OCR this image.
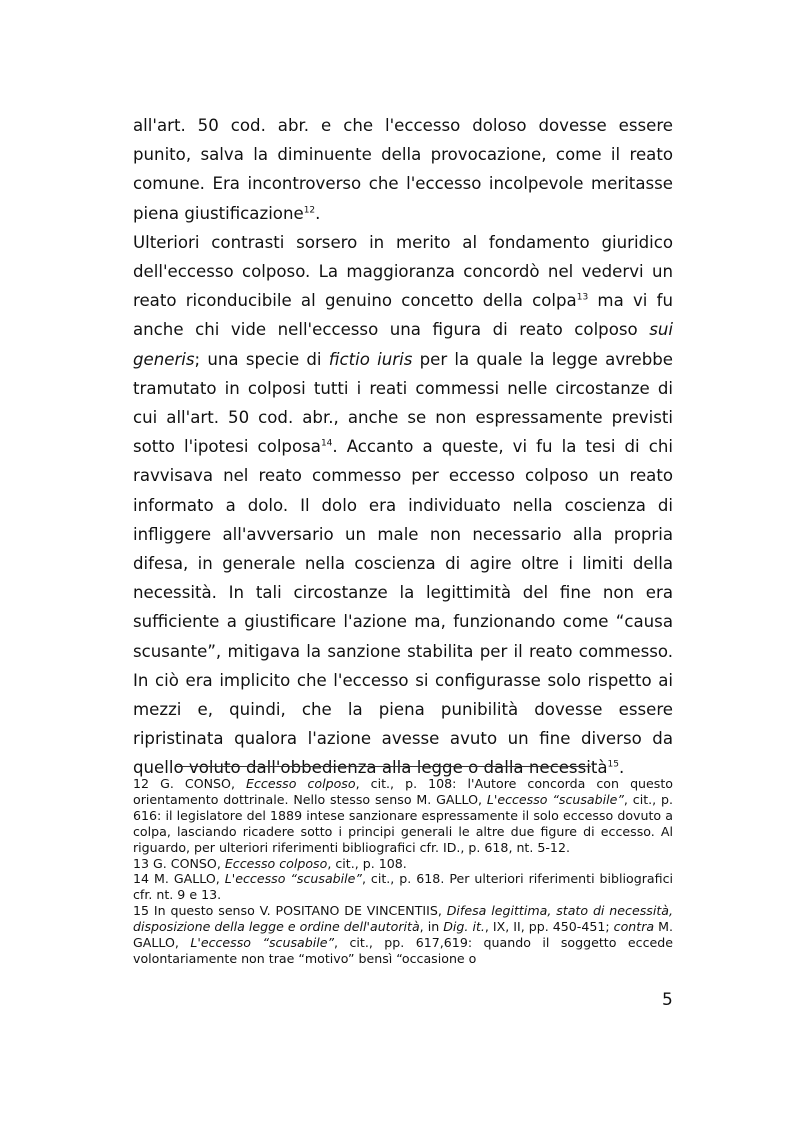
all'art. 50 cod. abr. e che l'eccesso doloso dovesse essere punito, salva la diminuente della provocazione, come il reato comune. Era incontroverso che l'eccesso incolpevole meritasse piena giustificazione$^{12}$.

Ulteriori contrasti sorsero in merito al fondamento giuridico dell'eccesso colposo. La maggioranza concordò nel vedervi un reato riconducibile al genuino concetto della colpa$^{13}$ ma vi fu anche chi vide nell'eccesso una figura di reato colposo sui generis; una specie di fictio iuris per la quale la legge avrebbe tramutato in colposi tutti i reati commessi nelle circostanze di cui all'art. 50 cod. abr., anche se non espressamente previsti sotto l'ipotesi colposa$^{14}$. Accanto a queste, vi fu la tesi di chi ravvisava nel reato commesso per eccesso colposo un reato informato a dolo. Il dolo era individuato nella coscienza di infliggere all'avversario un male non necessario alla propria difesa, in generale nella coscienza di agire oltre i limiti della necessità. In tali circostanze la legittimità del fine non era sufficiente a giustificare l'azione ma, funzionando come “causa scusante”, mitigava la sanzione stabilita per il reato commesso. In ciò era implicito che l'eccesso si configurasse solo rispetto ai mezzi e, quindi, che la piena punibilità dovesse essere ripristinata qualora l'azione avesse avuto un fine diverso da quello voluto dall'obbedienza alla legge o dalla necessità$^{15}$.

12 G. CONSO, Eccesso colposo, cit., p. 108: l'Autore concorda con questo orientamento dottrinale. Nello stesso senso M. GALLO, L'eccesso “scusabile”, cit., p. 616: il legislatore del 1889 intese sanzionare espressamente il solo eccesso dovuto a colpa, lasciando ricadere sotto i principi generali le altre due figure di eccesso. Al riguardo, per ulteriori riferimenti bibliografici cfr. ID., p. 618, nt. 5-12.

13 G. CONSO, Eccesso colposo, cit., p. 108.

14 M. GALLO, L'eccesso “scusabile”, cit., p. 618. Per ulteriori riferimenti bibliografici cfr. nt. 9 e 13.

15 In questo senso V. POSITANO DE VINCENTIIS, Difesa legittima, stato di necessità, disposizione della legge e ordine dell'autorità, in Dig. it., IX, II, pp. 450-451; contra M. GALLO, L'eccesso “scusabile”, cit., pp. 617,619: quando il soggetto eccede volontariamente non trae “motivo” bensì “occasione o

5
